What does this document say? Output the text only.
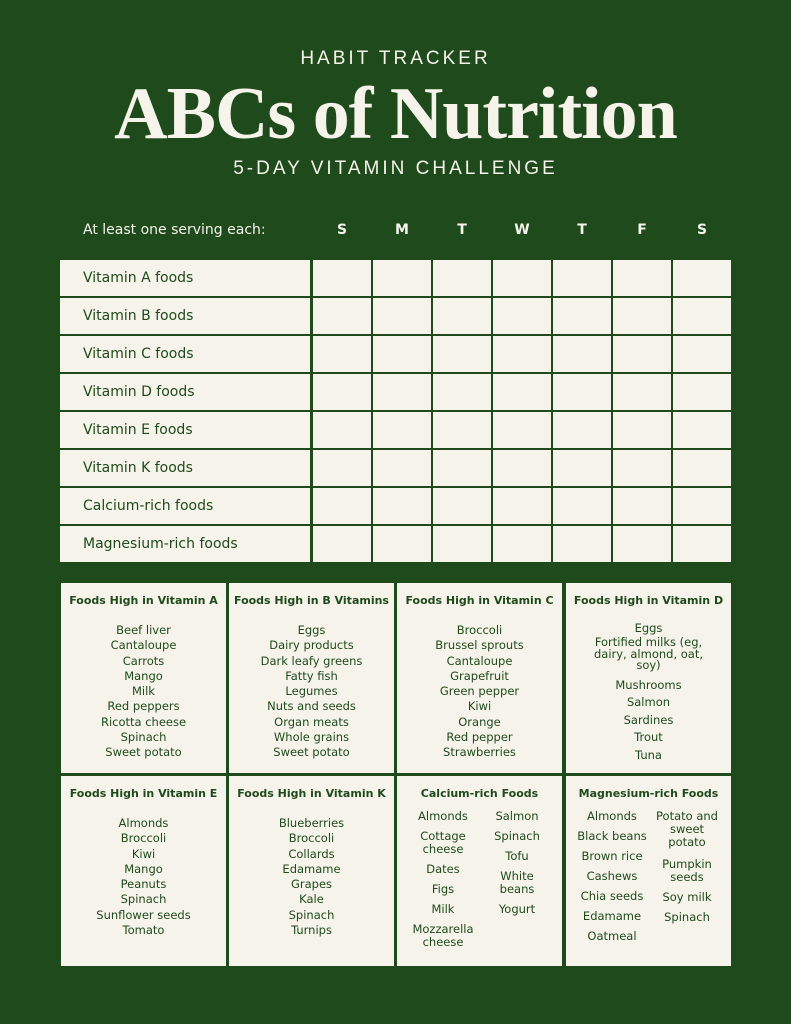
HABIT TRACKER
ABCs of Nutrition
5-DAY VITAMIN CHALLENGE
At least one serving each:	S	M	T	W	T	F	S
Vitamin A foods
Vitamin B foods
Vitamin C foods
Vitamin D foods
Vitamin E foods
Vitamin K foods
Calcium-rich foods
Magnesium-rich foods
Foods High in Vitamin A
Beef liver
Cantaloupe
Carrots
Mango
Milk
Red peppers
Ricotta cheese
Spinach
Sweet potato
Foods High in B Vitamins
Eggs
Dairy products
Dark leafy greens
Fatty fish
Legumes
Nuts and seeds
Organ meats
Whole grains
Sweet potato
Foods High in Vitamin C
Broccoli
Brussel sprouts
Cantaloupe
Grapefruit
Green pepper
Kiwi
Orange
Red pepper
Strawberries
Foods High in Vitamin D
Eggs
Fortified milks (eg, dairy, almond, oat, soy)
Mushrooms
Salmon
Sardines
Trout
Tuna
Foods High in Vitamin E
Almonds
Broccoli
Kiwi
Mango
Peanuts
Spinach
Sunflower seeds
Tomato
Foods High in Vitamin K
Blueberries
Broccoli
Collards
Edamame
Grapes
Kale
Spinach
Turnips
Calcium-rich Foods
Almonds
Cottage cheese
Dates
Figs
Milk
Mozzarella cheese
Salmon
Spinach
Tofu
White beans
Yogurt
Magnesium-rich Foods
Almonds
Black beans
Brown rice
Cashews
Chia seeds
Edamame
Oatmeal
Potato and sweet potato
Pumpkin seeds
Soy milk
Spinach
